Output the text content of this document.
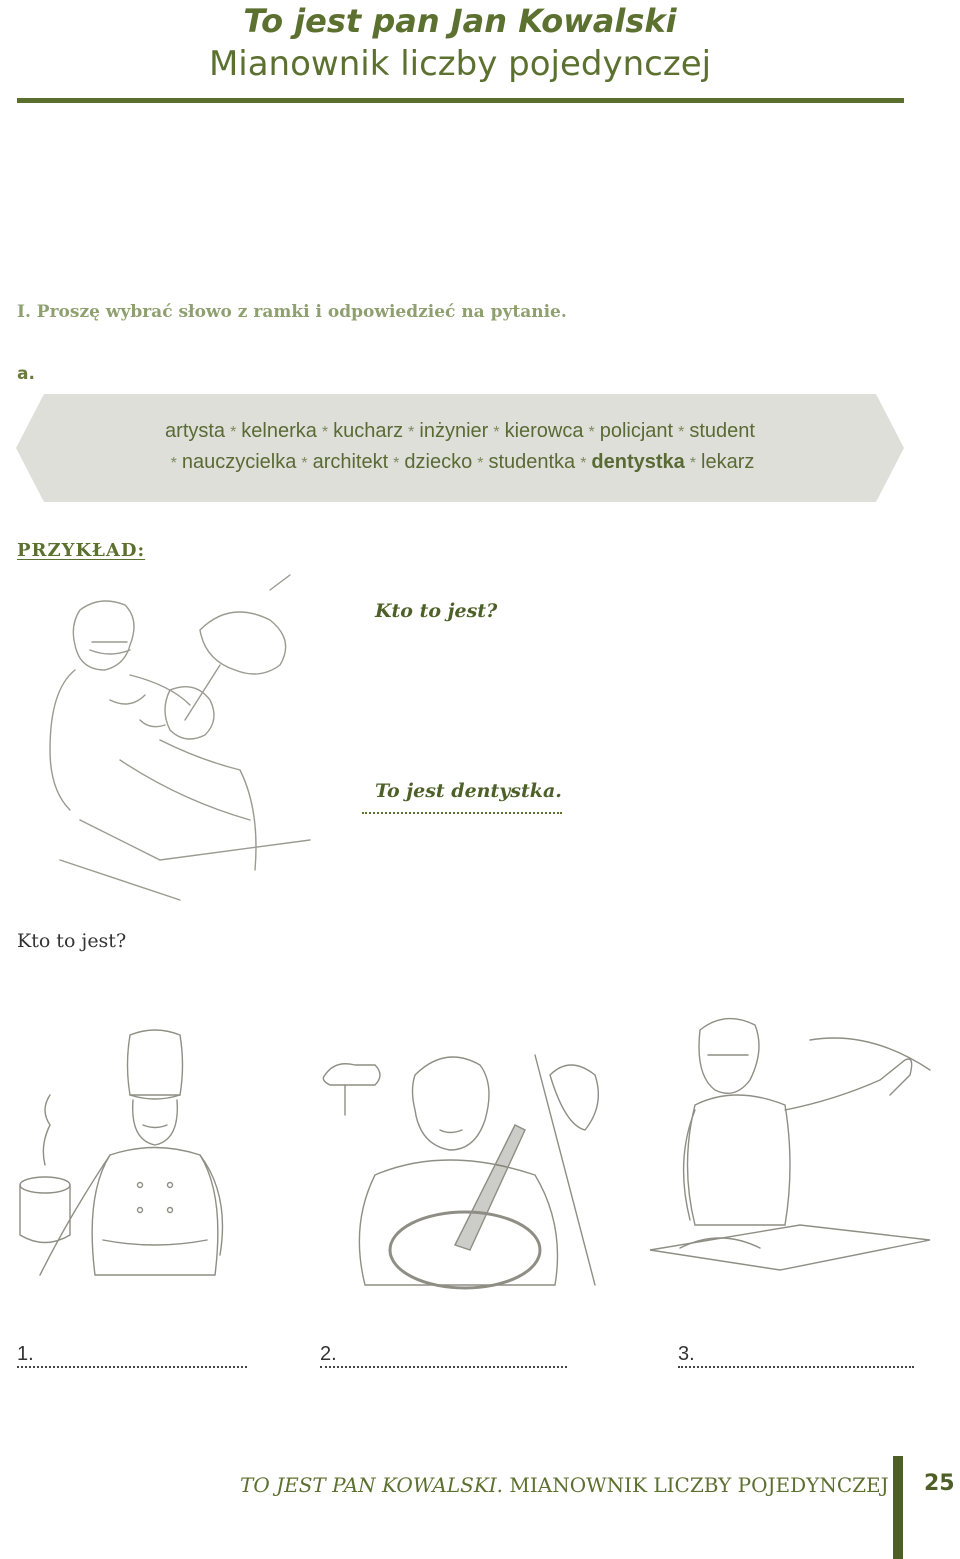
To jest pan Jan Kowalski
Mianownik liczby pojedynczej
I. Proszę wybrać słowo z ramki i odpowiedzieć na pytanie.
a.
artysta * kelnerka * kucharz * inżynier * kierowca * policjant * student
* nauczycielka * architekt * dziecko * studentka * dentystka * lekarz
PRZYKŁAD:
Kto to jest?
To jest dentystka.
Kto to jest?
1.	2.	3.
TO JEST PAN KOWALSKI. MIANOWNIK LICZBY POJEDYNCZEJ 25
